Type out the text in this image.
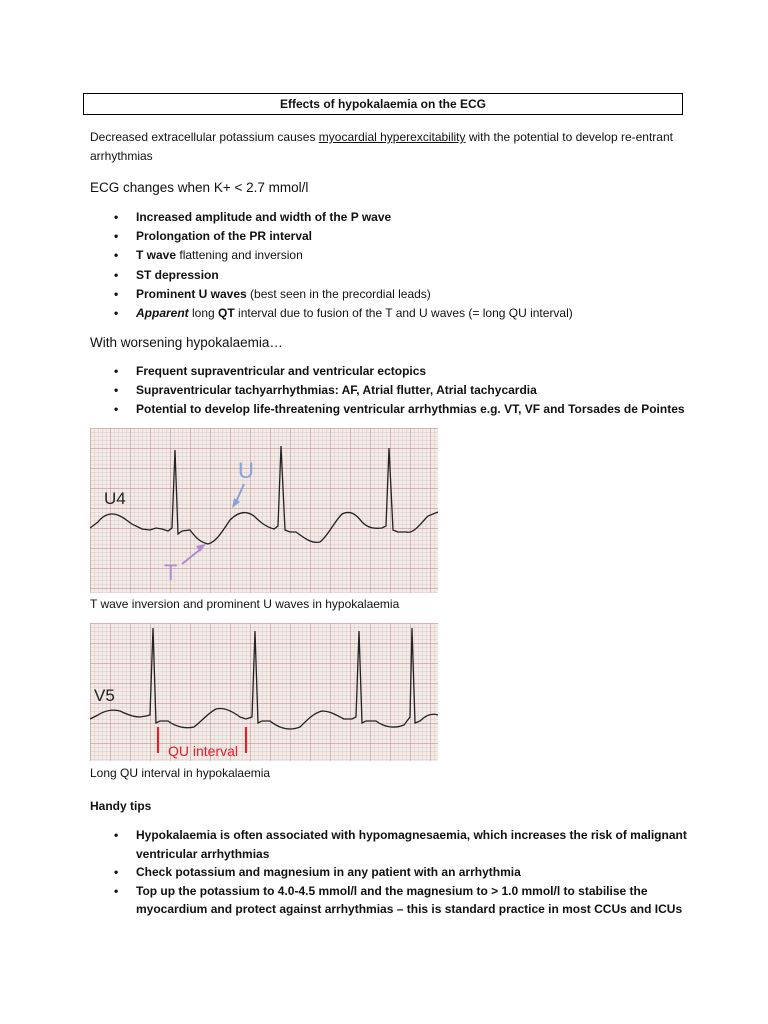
Effects of hypokalaemia on the ECG
Decreased extracellular potassium causes myocardial hyperexcitability with the potential to develop re-entrant arrhythmias
ECG changes when K+ < 2.7 mmol/l
• Increased amplitude and width of the P wave
• Prolongation of the PR interval
• T wave flattening and inversion
• ST depression
• Prominent U waves (best seen in the precordial leads)
• Apparent long QT interval due to fusion of the T and U waves (= long QU interval)
With worsening hypokalaemia…
• Frequent supraventricular and ventricular ectopics
• Supraventricular tachyarrhythmias: AF, Atrial flutter, Atrial tachycardia
• Potential to develop life-threatening ventricular arrhythmias e.g. VT, VF and Torsades de Pointes
U4
U
T
T wave inversion and prominent U waves in hypokalaemia
V5
QU interval
Long QU interval in hypokalaemia
Handy tips
• Hypokalaemia is often associated with hypomagnesaemia, which increases the risk of malignant ventricular arrhythmias
• Check potassium and magnesium in any patient with an arrhythmia
• Top up the potassium to 4.0-4.5 mmol/l and the magnesium to > 1.0 mmol/l to stabilise the myocardium and protect against arrhythmias – this is standard practice in most CCUs and ICUs
